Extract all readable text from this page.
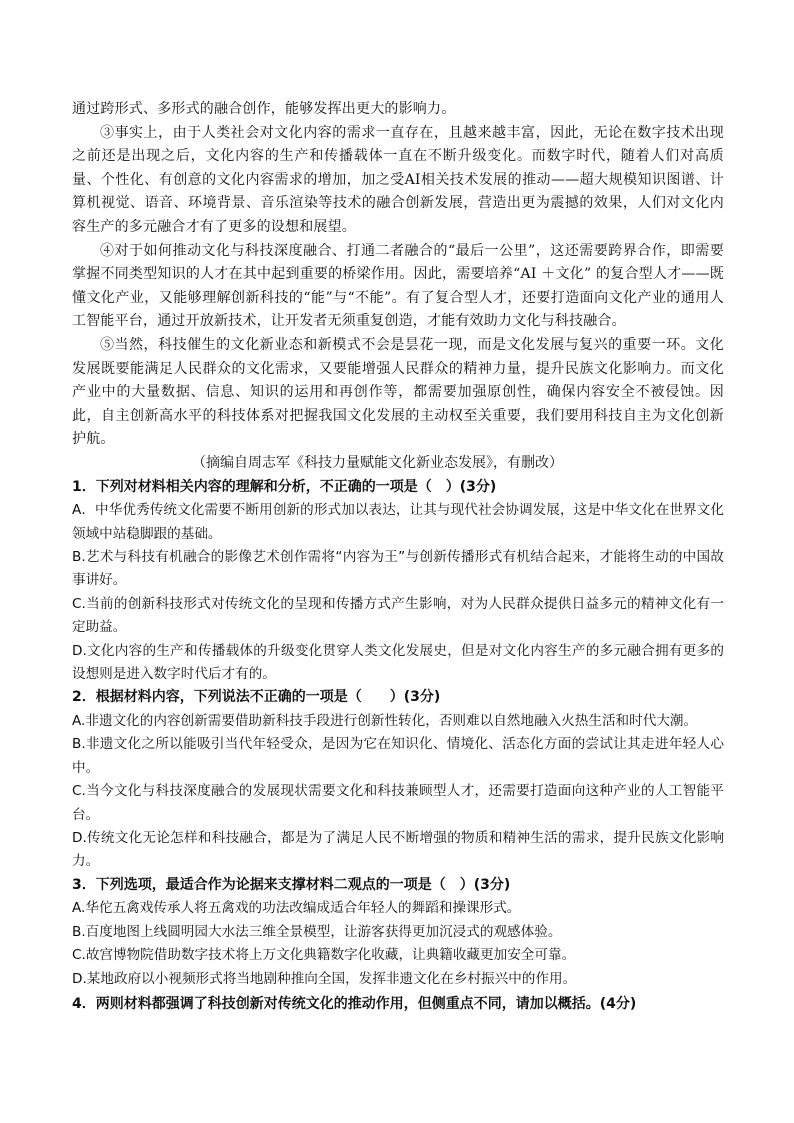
通过跨形式、多形式的融合创作，能够发挥出更大的影响力。

③事实上，由于人类社会对文化内容的需求一直存在，且越来越丰富，因此，无论在数字技术出现之前还是出现之后，文化内容的生产和传播载体一直在不断升级变化。而数字时代，随着人们对高质量、个性化、有创意的文化内容需求的增加，加之受AI相关技术发展的推动——超大规模知识图谱、计算机视觉、语音、环境背景、音乐渲染等技术的融合创新发展，营造出更为震撼的效果，人们对文化内容生产的多元融合才有了更多的设想和展望。

④对于如何推动文化与科技深度融合、打通二者融合的“最后一公里”，这还需要跨界合作，即需要掌握不同类型知识的人才在其中起到重要的桥梁作用。因此，需要培养“AI ＋文化” 的复合型人才——既懂文化产业，又能够理解创新科技的“能”与“不能”。有了复合型人才，还要打造面向文化产业的通用人工智能平台，通过开放新技术，让开发者无须重复创造，才能有效助力文化与科技融合。

⑤当然，科技催生的文化新业态和新模式不会是昙花一现，而是文化发展与复兴的重要一环。文化发展既要能满足人民群众的文化需求，又要能增强人民群众的精神力量，提升民族文化影响力。而文化产业中的大量数据、信息、知识的运用和再创作等，都需要加强原创性，确保内容安全不被侵蚀。因此，自主创新高水平的科技体系对把握我国文化发展的主动权至关重要，我们要用科技自主为文化创新护航。

（摘编自周志军《科技力量赋能文化新业态发展》，有删改）

1．下列对材料相关内容的理解和分析，不正确的一项是（　）(3分)

A．中华优秀传统文化需要不断用创新的形式加以表达，让其与现代社会协调发展，这是中华文化在世界文化领域中站稳脚跟的基础。

B.艺术与科技有机融合的影像艺术创作需将“内容为王”与创新传播形式有机结合起来，才能将生动的中国故事讲好。

C.当前的创新科技形式对传统文化的呈现和传播方式产生影响，对为人民群众提供日益多元的精神文化有一定助益。

D.文化内容的生产和传播载体的升级变化贯穿人类文化发展史，但是对文化内容生产的多元融合拥有更多的设想则是进入数字时代后才有的。

2．根据材料内容，下列说法不正确的一项是（　　）(3分)

A.非遗文化的内容创新需要借助新科技手段进行创新性转化，否则难以自然地融入火热生活和时代大潮。

B.非遗文化之所以能吸引当代年轻受众，是因为它在知识化、情境化、活态化方面的尝试让其走进年轻人心中。

C.当今文化与科技深度融合的发展现状需要文化和科技兼顾型人才，还需要打造面向这种产业的人工智能平台。

D.传统文化无论怎样和科技融合，都是为了满足人民不断增强的物质和精神生活的需求，提升民族文化影响力。

3．下列选项，最适合作为论据来支撑材料二观点的一项是（　）(3分)

A.华佗五禽戏传承人将五禽戏的功法改编成适合年轻人的舞蹈和操课形式。

B.百度地图上线圆明园大水法三维全景模型，让游客获得更加沉浸式的观感体验。

C.故宫博物院借助数字技术将上万文化典籍数字化收藏，让典籍收藏更加安全可靠。

D.某地政府以小视频形式将当地剧种推向全国，发挥非遗文化在乡村振兴中的作用。

4．两则材料都强调了科技创新对传统文化的推动作用，但侧重点不同，请加以概括。(4分)
